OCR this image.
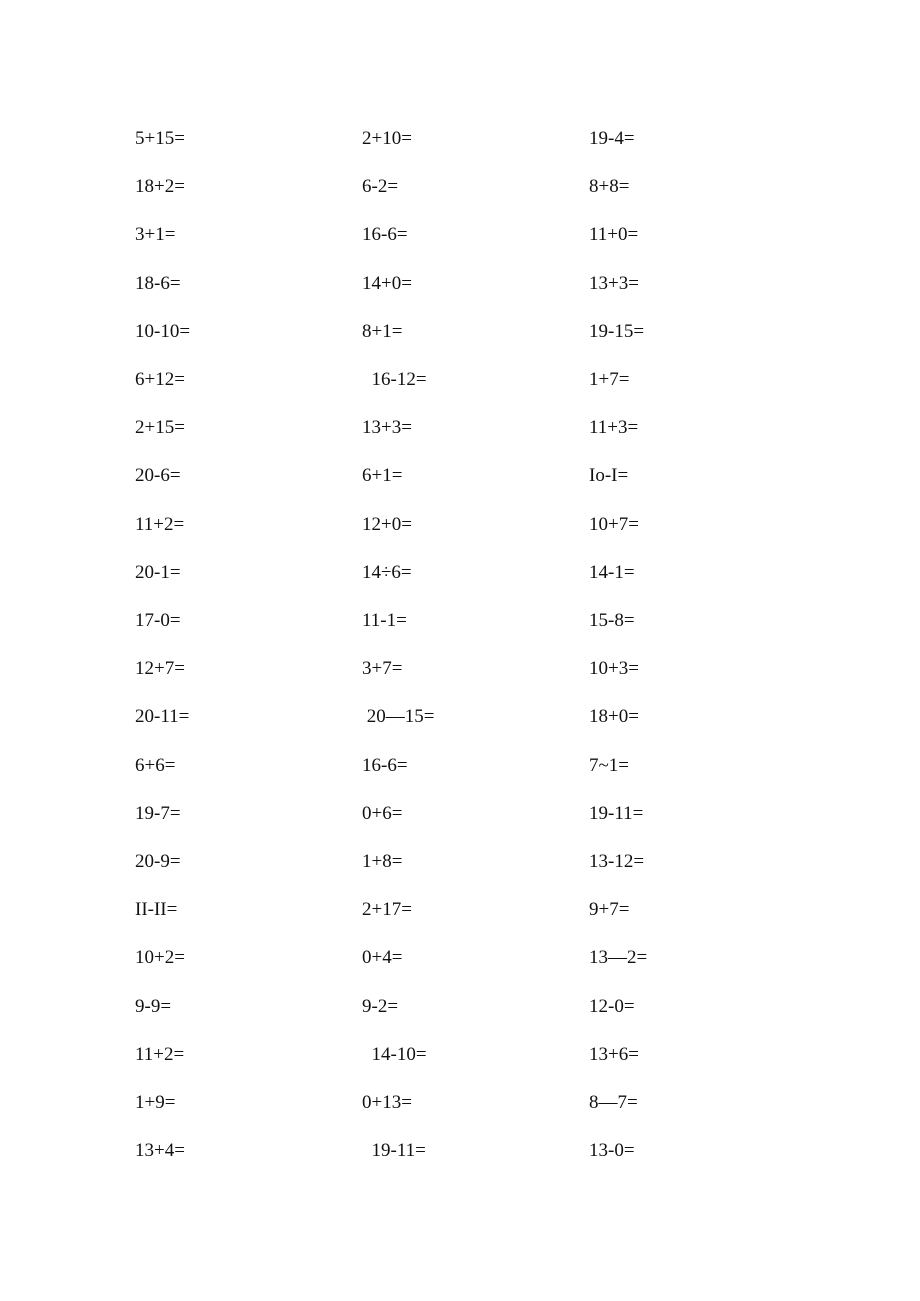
5+15=	2+10=	19-4=
18+2=	6-2=	8+8=
3+1=	16-6=	11+0=
18-6=	14+0=	13+3=
10-10=	8+1=	19-15=
6+12=	16-12=	1+7=
2+15=	13+3=	11+3=
20-6=	6+1=	Io-I=
11+2=	12+0=	10+7=
20-1=	14÷6=	14-1=
17-0=	11-1=	15-8=
12+7=	3+7=	10+3=
20-11=	20—15=	18+0=
6+6=	16-6=	7~1=
19-7=	0+6=	19-11=
20-9=	1+8=	13-12=
II-II=	2+17=	9+7=
10+2=	0+4=	13—2=
9-9=	9-2=	12-0=
11+2=	14-10=	13+6=
1+9=	0+13=	8—7=
13+4=	19-11=	13-0=
